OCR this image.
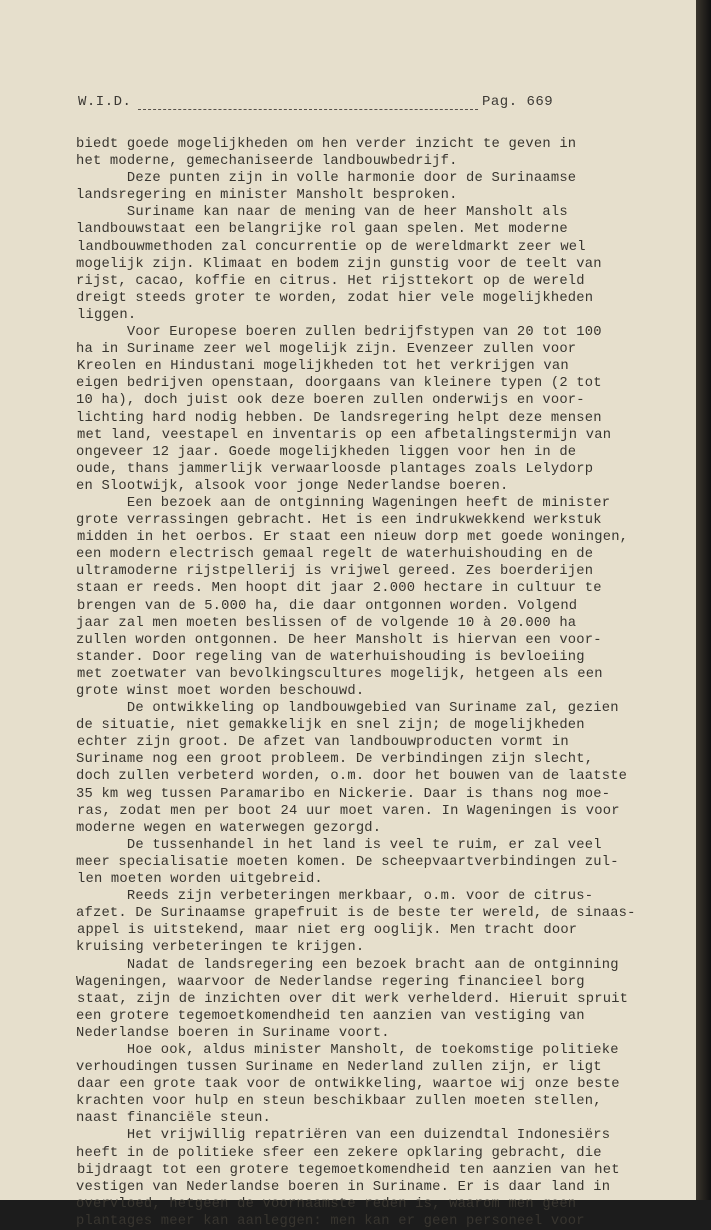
W.I.D.	Pag. 669
biedt goede mogelijkheden om hen verder inzicht te geven in
het moderne, gemechaniseerde landbouwbedrijf.
Deze punten zijn in volle harmonie door de Surinaamse
landsregering en minister Mansholt besproken.
Suriname kan naar de mening van de heer Mansholt als
landbouwstaat een belangrijke rol gaan spelen. Met moderne
landbouwmethoden zal concurrentie op de wereldmarkt zeer wel
mogelijk zijn. Klimaat en bodem zijn gunstig voor de teelt van
rijst, cacao, koffie en citrus. Het rijsttekort op de wereld
dreigt steeds groter te worden, zodat hier vele mogelijkheden
liggen.
Voor Europese boeren zullen bedrijfstypen van 20 tot 100
ha in Suriname zeer wel mogelijk zijn. Evenzeer zullen voor
Kreolen en Hindustani mogelijkheden tot het verkrijgen van
eigen bedrijven openstaan, doorgaans van kleinere typen (2 tot
10 ha), doch juist ook deze boeren zullen onderwijs en voor-
lichting hard nodig hebben. De landsregering helpt deze mensen
met land, veestapel en inventaris op een afbetalingstermijn van
ongeveer 12 jaar. Goede mogelijkheden liggen voor hen in de
oude, thans jammerlijk verwaarloosde plantages zoals Lelydorp
en Slootwijk, alsook voor jonge Nederlandse boeren.
Een bezoek aan de ontginning Wageningen heeft de minister
grote verrassingen gebracht. Het is een indrukwekkend werkstuk
midden in het oerbos. Er staat een nieuw dorp met goede woningen,
een modern electrisch gemaal regelt de waterhuishouding en de
ultramoderne rijstpellerij is vrijwel gereed. Zes boerderijen
staan er reeds. Men hoopt dit jaar 2.000 hectare in cultuur te
brengen van de 5.000 ha, die daar ontgonnen worden. Volgend
jaar zal men moeten beslissen of de volgende 10 à 20.000 ha
zullen worden ontgonnen. De heer Mansholt is hiervan een voor-
stander. Door regeling van de waterhuishouding is bevloeiing
met zoetwater van bevolkingscultures mogelijk, hetgeen als een
grote winst moet worden beschouwd.
De ontwikkeling op landbouwgebied van Suriname zal, gezien
de situatie, niet gemakkelijk en snel zijn; de mogelijkheden
echter zijn groot. De afzet van landbouwproducten vormt in
Suriname nog een groot probleem. De verbindingen zijn slecht,
doch zullen verbeterd worden, o.m. door het bouwen van de laatste
35 km weg tussen Paramaribo en Nickerie. Daar is thans nog moe-
ras, zodat men per boot 24 uur moet varen. In Wageningen is voor
moderne wegen en waterwegen gezorgd.
De tussenhandel in het land is veel te ruim, er zal veel
meer specialisatie moeten komen. De scheepvaartverbindingen zul-
len moeten worden uitgebreid.
Reeds zijn verbeteringen merkbaar, o.m. voor de citrus-
afzet. De Surinaamse grapefruit is de beste ter wereld, de sinaas-
appel is uitstekend, maar niet erg ooglijk. Men tracht door
kruising verbeteringen te krijgen.
Nadat de landsregering een bezoek bracht aan de ontginning
Wageningen, waarvoor de Nederlandse regering financieel borg
staat, zijn de inzichten over dit werk verhelderd. Hieruit spruit
een grotere tegemoetkomendheid ten aanzien van vestiging van
Nederlandse boeren in Suriname voort.
Hoe ook, aldus minister Mansholt, de toekomstige politieke
verhoudingen tussen Suriname en Nederland zullen zijn, er ligt
daar een grote taak voor de ontwikkeling, waartoe wij onze beste
krachten voor hulp en steun beschikbaar zullen moeten stellen,
naast financiële steun.
Het vrijwillig repatriëren van een duizendtal Indonesiërs
heeft in de politieke sfeer een zekere opklaring gebracht, die
bijdraagt tot een grotere tegemoetkomendheid ten aanzien van het
vestigen van Nederlandse boeren in Suriname. Er is daar land in
overvloed, hetgeen de voornaamste reden is, waarom men geen
plantages meer kan aanleggen: men kan er geen personeel voor
